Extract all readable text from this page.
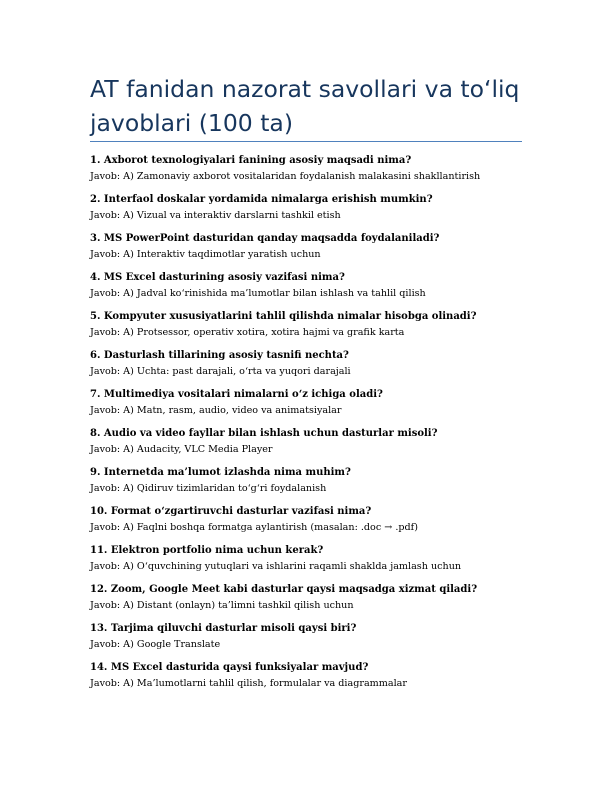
AT fanidan nazorat savollari va to‘liq javoblari (100 ta)

1. Axborot texnologiyalari fanining asosiy maqsadi nima?

Javob: A) Zamonaviy axborot vositalaridan foydalanish malakasini shakllantirish

2. Interfaol doskalar yordamida nimalarga erishish mumkin?

Javob: A) Vizual va interaktiv darslarni tashkil etish

3. MS PowerPoint dasturidan qanday maqsadda foydalaniladi?

Javob: A) Interaktiv taqdimotlar yaratish uchun

4. MS Excel dasturining asosiy vazifasi nima?

Javob: A) Jadval ko‘rinishida ma’lumotlar bilan ishlash va tahlil qilish

5. Kompyuter xususiyatlarini tahlil qilishda nimalar hisobga olinadi?

Javob: A) Protsessor, operativ xotira, xotira hajmi va grafik karta

6. Dasturlash tillarining asosiy tasnifi nechta?

Javob: A) Uchta: past darajali, o‘rta va yuqori darajali

7. Multimediya vositalari nimalarni o‘z ichiga oladi?

Javob: A) Matn, rasm, audio, video va animatsiyalar

8. Audio va video fayllar bilan ishlash uchun dasturlar misoli?

Javob: A) Audacity, VLC Media Player

9. Internetda ma’lumot izlashda nima muhim?

Javob: A) Qidiruv tizimlaridan to‘g‘ri foydalanish

10. Format o‘zgartiruvchi dasturlar vazifasi nima?

Javob: A) Faqlni boshqa formatga aylantirish (masalan: .doc → .pdf)

11. Elektron portfolio nima uchun kerak?

Javob: A) O‘quvchining yutuqlari va ishlarini raqamli shaklda jamlash uchun

12. Zoom, Google Meet kabi dasturlar qaysi maqsadga xizmat qiladi?

Javob: A) Distant (onlayn) ta’limni tashkil qilish uchun

13. Tarjima qiluvchi dasturlar misoli qaysi biri?

Javob: A) Google Translate

14. MS Excel dasturida qaysi funksiyalar mavjud?

Javob: A) Ma’lumotlarni tahlil qilish, formulalar va diagrammalar
